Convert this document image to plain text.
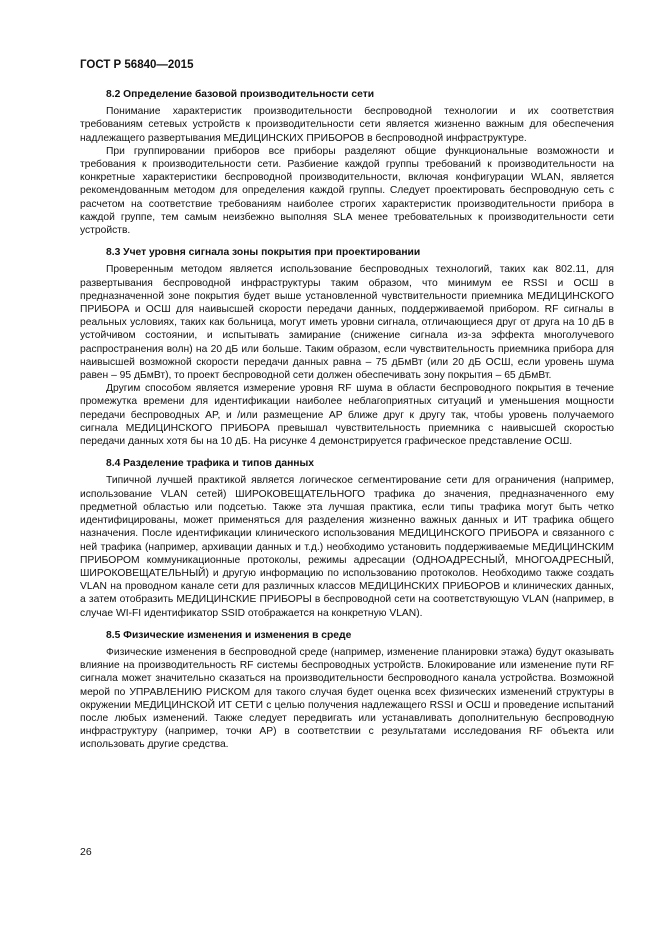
ГОСТ Р 56840—2015

8.2 Определение базовой производительности сети

Понимание характеристик производительности беспроводной технологии и их соответствия требованиям сетевых устройств к производительности сети является жизненно важным для обеспечения надлежащего развертывания МЕДИЦИНСКИХ ПРИБОРОВ в беспроводной инфраструктуре.

При группировании приборов все приборы разделяют общие функциональные возможности и требования к производительности сети. Разбиение каждой группы требований к производительности на конкретные характеристики беспроводной производительности, включая конфигурации WLAN, является рекомендованным методом для определения каждой группы. Следует проектировать беспроводную сеть с расчетом на соответствие требованиям наиболее строгих характеристик производительности прибора в каждой группе, тем самым неизбежно выполняя SLA менее требовательных к производительности сети устройств.

8.3 Учет уровня сигнала зоны покрытия при проектировании

Проверенным методом является использование беспроводных технологий, таких как 802.11, для развертывания беспроводной инфраструктуры таким образом, что минимум ее RSSI и ОСШ в предназначенной зоне покрытия будет выше установленной чувствительности приемника МЕДИЦИНСКОГО ПРИБОРА и ОСШ для наивысшей скорости передачи данных, поддерживаемой прибором. RF сигналы в реальных условиях, таких как больница, могут иметь уровни сигнала, отличающиеся друг от друга на 10 дБ в устойчивом состоянии, и испытывать замирание (снижение сигнала из-за эффекта многолучевого распространения волн) на 20 дБ или больше. Таким образом, если чувствительность приемника прибора для наивысшей возможной скорости передачи данных равна – 75 дБмВт (или 20 дБ ОСШ, если уровень шума равен – 95 дБмВт), то проект беспроводной сети должен обеспечивать зону покрытия – 65 дБмВт.

Другим способом является измерение уровня RF шума в области беспроводного покрытия в течение промежутка времени для идентификации наиболее неблагоприятных ситуаций и уменьшения мощности передачи беспроводных AP, и /или размещение AP ближе друг к другу так, чтобы уровень получаемого сигнала МЕДИЦИНСКОГО ПРИБОРА превышал чувствительность приемника с наивысшей скоростью передачи данных хотя бы на 10 дБ. На рисунке 4 демонстрируется графическое представление ОСШ.

8.4 Разделение трафика и типов данных

Типичной лучшей практикой является логическое сегментирование сети для ограничения (например, использование VLAN сетей) ШИРОКОВЕЩАТЕЛЬНОГО трафика до значения, предназначенного ему предметной областью или подсетью. Также эта лучшая практика, если типы трафика могут быть четко идентифицированы, может применяться для разделения жизненно важных данных и ИТ трафика общего назначения. После идентификации клинического использования МЕДИЦИНСКОГО ПРИБОРА и связанного с ней трафика (например, архивации данных и т.д.) необходимо установить поддерживаемые МЕДИЦИНСКИМ ПРИБОРОМ коммуникационные протоколы, режимы адресации (ОДНОАДРЕСНЫЙ, МНОГОАДРЕСНЫЙ, ШИРОКОВЕЩАТЕЛЬНЫЙ) и другую информацию по использованию протоколов. Необходимо также создать VLAN на проводном канале сети для различных классов МЕДИЦИНСКИХ ПРИБОРОВ и клинических данных, а затем отобразить МЕДИЦИНСКИЕ ПРИБОРЫ в беспроводной сети на соответствующую VLAN (например, в случае WI-FI идентификатор SSID отображается на конкретную VLAN).

8.5 Физические изменения и изменения в среде

Физические изменения в беспроводной среде (например, изменение планировки этажа) будут оказывать влияние на производительность RF системы беспроводных устройств. Блокирование или изменение пути RF сигнала может значительно сказаться на производительности беспроводного канала устройства. Возможной мерой по УПРАВЛЕНИЮ РИСКОМ для такого случая будет оценка всех физических изменений структуры в окружении МЕДИЦИНСКОЙ ИТ СЕТИ с целью получения надлежащего RSSI и ОСШ и проведение испытаний после любых изменений. Также следует передвигать или устанавливать дополнительную беспроводную инфраструктуру (например, точки AP) в соответствии с результатами исследования RF объекта или использовать другие средства.

26
